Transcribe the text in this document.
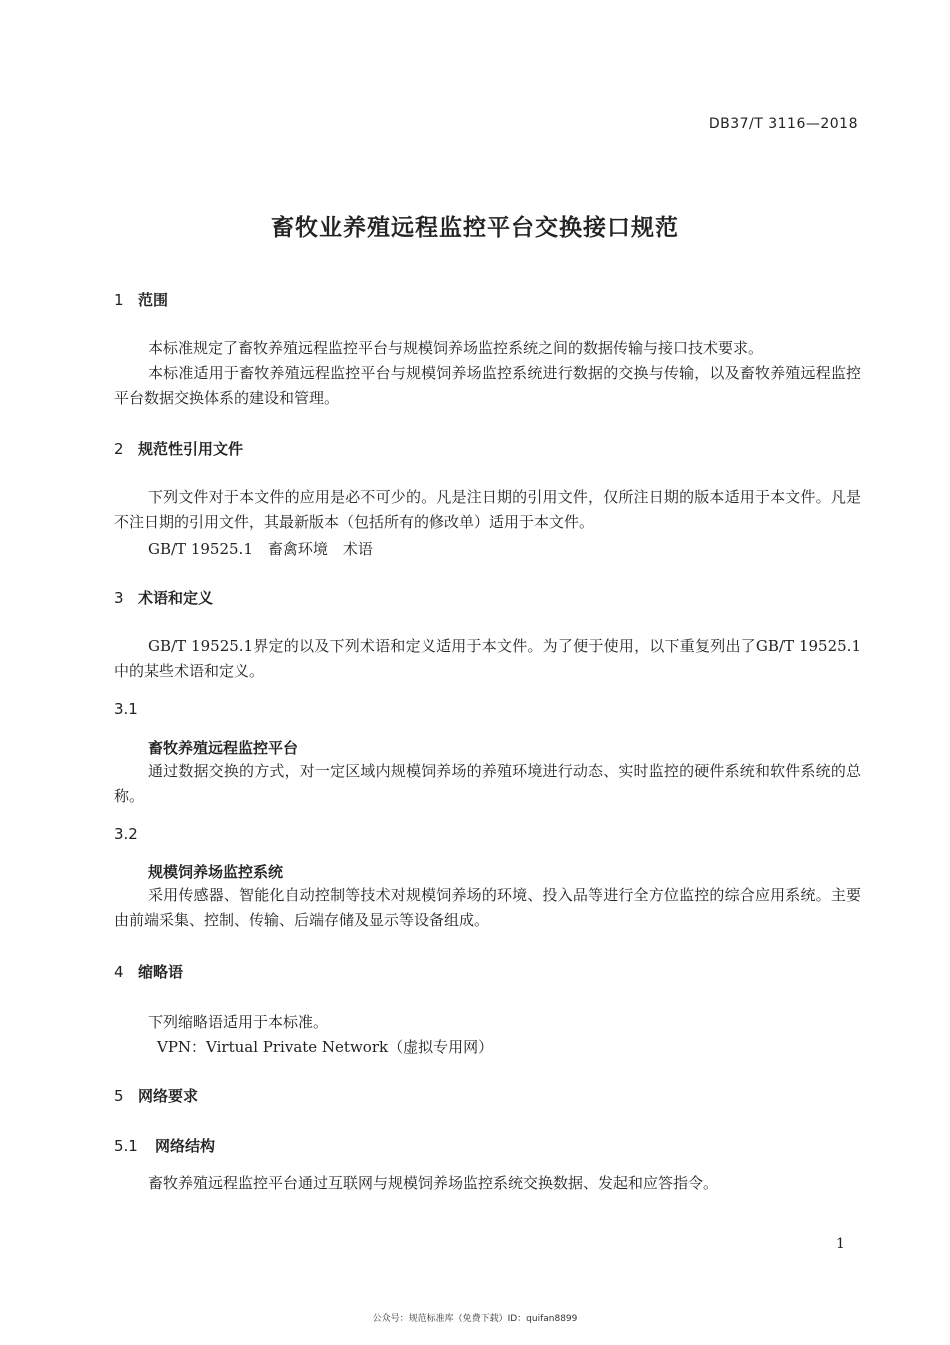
DB37/T 3116—2018
畜牧业养殖远程监控平台交换接口规范
1 范围
本标准规定了畜牧养殖远程监控平台与规模饲养场监控系统之间的数据传输与接口技术要求。
本标准适用于畜牧养殖远程监控平台与规模饲养场监控系统进行数据的交换与传输，以及畜牧养殖远程监控平台数据交换体系的建设和管理。
2 规范性引用文件
下列文件对于本文件的应用是必不可少的。凡是注日期的引用文件，仅所注日期的版本适用于本文件。凡是不注日期的引用文件，其最新版本（包括所有的修改单）适用于本文件。
GB/T 19525.1　畜禽环境　术语
3 术语和定义
GB/T 19525.1界定的以及下列术语和定义适用于本文件。为了便于使用，以下重复列出了GB/T 19525.1中的某些术语和定义。
3.1
畜牧养殖远程监控平台
通过数据交换的方式，对一定区域内规模饲养场的养殖环境进行动态、实时监控的硬件系统和软件系统的总称。
3.2
规模饲养场监控系统
采用传感器、智能化自动控制等技术对规模饲养场的环境、投入品等进行全方位监控的综合应用系统。主要由前端采集、控制、传输、后端存储及显示等设备组成。
4 缩略语
下列缩略语适用于本标准。
VPN：Virtual Private Network（虚拟专用网）
5 网络要求
5.1 网络结构
畜牧养殖远程监控平台通过互联网与规模饲养场监控系统交换数据、发起和应答指令。
1
公众号：规范标准库（免费下载）ID：quifan8899
